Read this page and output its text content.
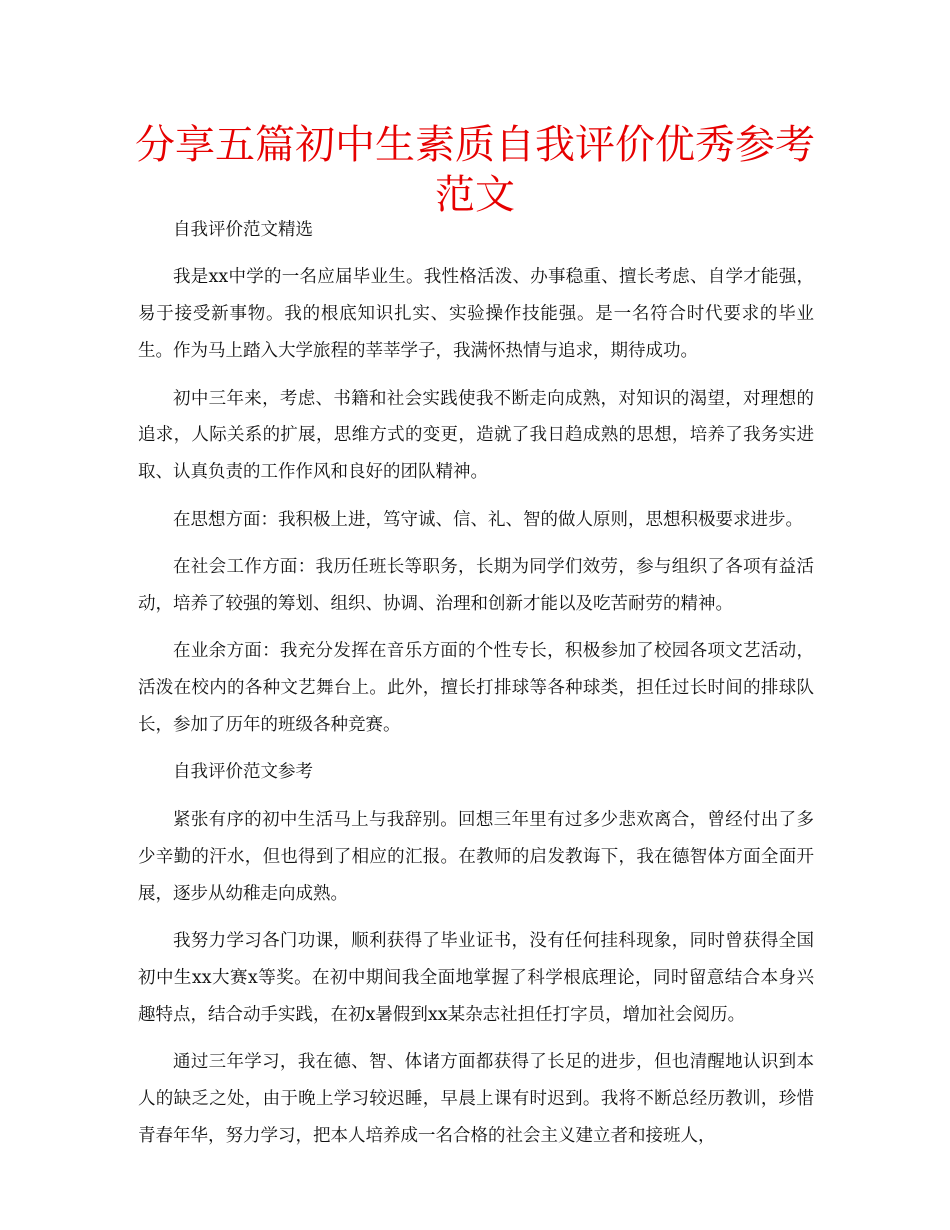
分享五篇初中生素质自我评价优秀参考范文

自我评价范文精选

我是xx中学的一名应届毕业生。我性格活泼、办事稳重、擅长考虑、自学才能强，易于接受新事物。我的根底知识扎实、实验操作技能强。是一名符合时代要求的毕业生。作为马上踏入大学旅程的莘莘学子，我满怀热情与追求，期待成功。

初中三年来，考虑、书籍和社会实践使我不断走向成熟，对知识的渴望，对理想的追求，人际关系的扩展，思维方式的变更，造就了我日趋成熟的思想，培养了我务实进取、认真负责的工作作风和良好的团队精神。

在思想方面：我积极上进，笃守诚、信、礼、智的做人原则，思想积极要求进步。

在社会工作方面：我历任班长等职务，长期为同学们效劳，参与组织了各项有益活动，培养了较强的筹划、组织、协调、治理和创新才能以及吃苦耐劳的精神。

在业余方面：我充分发挥在音乐方面的个性专长，积极参加了校园各项文艺活动，活泼在校内的各种文艺舞台上。此外，擅长打排球等各种球类，担任过长时间的排球队长，参加了历年的班级各种竞赛。

自我评价范文参考

紧张有序的初中生活马上与我辞别。回想三年里有过多少悲欢离合，曾经付出了多少辛勤的汗水，但也得到了相应的汇报。在教师的启发教诲下，我在德智体方面全面开展，逐步从幼稚走向成熟。

我努力学习各门功课，顺利获得了毕业证书，没有任何挂科现象，同时曾获得全国初中生xx大赛x等奖。在初中期间我全面地掌握了科学根底理论，同时留意结合本身兴趣特点，结合动手实践，在初x暑假到xx某杂志社担任打字员，增加社会阅历。

通过三年学习，我在德、智、体诸方面都获得了长足的进步，但也清醒地认识到本人的缺乏之处，由于晚上学习较迟睡，早晨上课有时迟到。我将不断总经历教训，珍惜青春年华，努力学习，把本人培养成一名合格的社会主义建立者和接班人，
